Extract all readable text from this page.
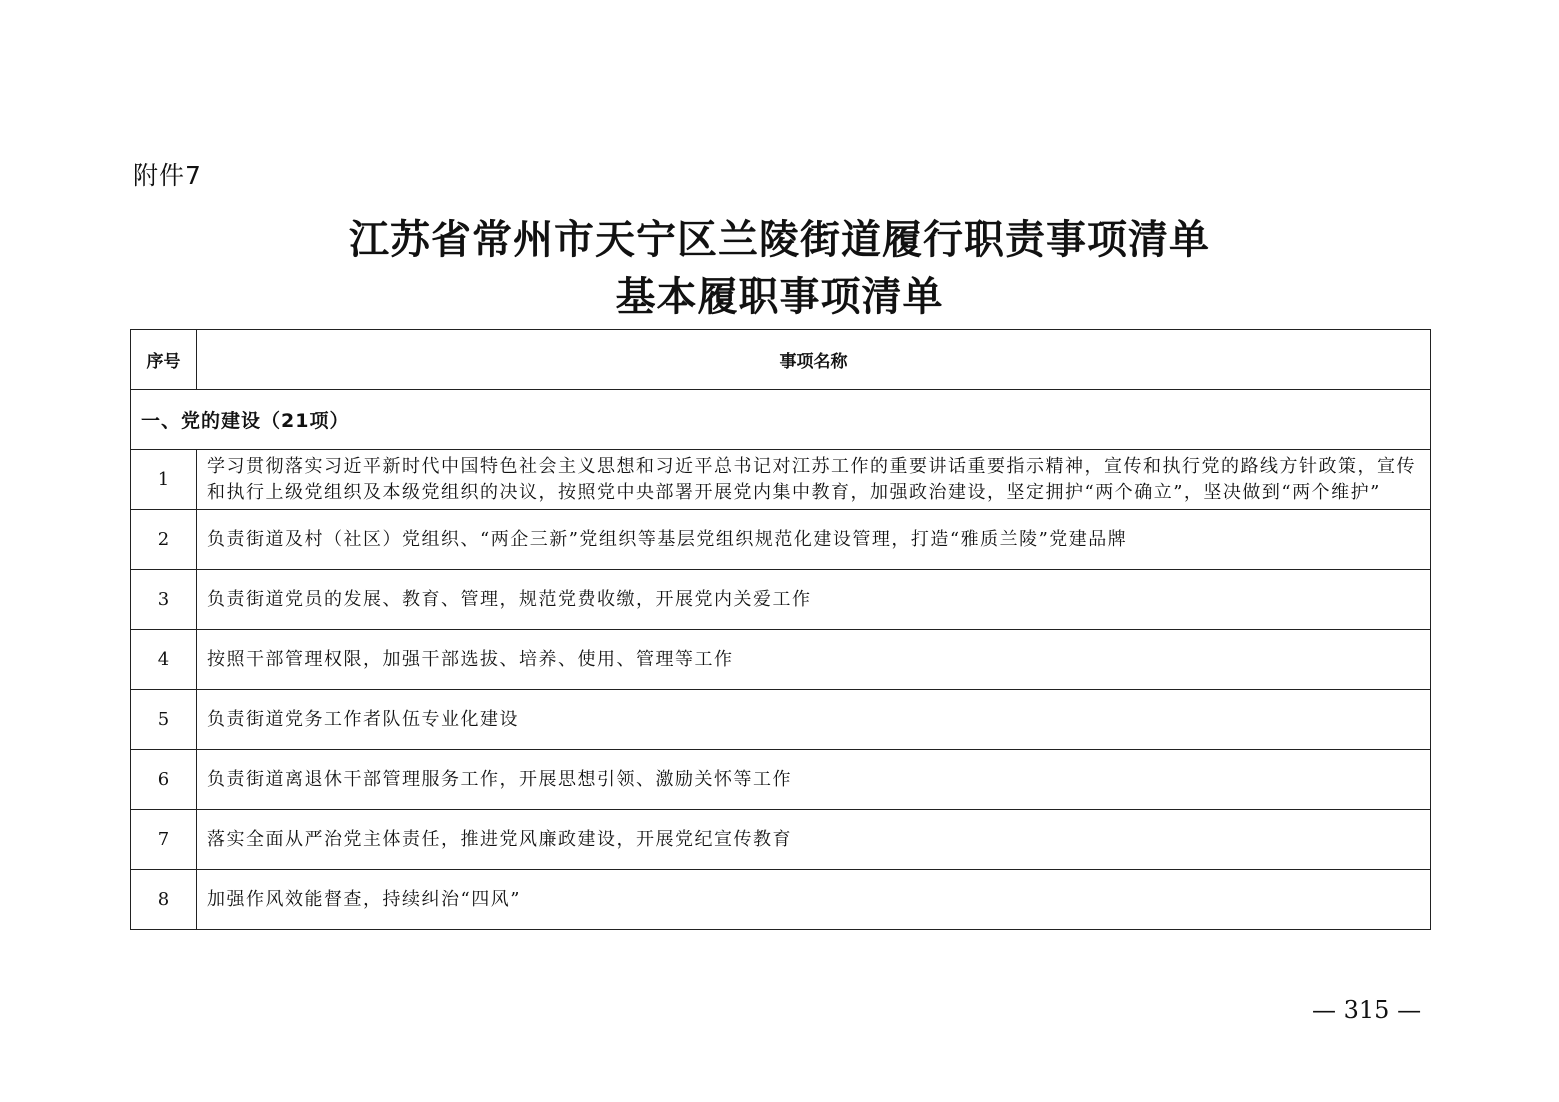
附件7
江苏省常州市天宁区兰陵街道履行职责事项清单
基本履职事项清单
序号	事项名称
一、党的建设（21项）	
1	学习贯彻落实习近平新时代中国特色社会主义思想和习近平总书记对江苏工作的重要讲话重要指示精神，宣传和执行党的路线方针政策，宣传和执行上级党组织及本级党组织的决议，按照党中央部署开展党内集中教育，加强政治建设，坚定拥护“两个确立”，坚决做到“两个维护”
2	负责街道及村（社区）党组织、“两企三新”党组织等基层党组织规范化建设管理，打造“雅质兰陵”党建品牌
3	负责街道党员的发展、教育、管理，规范党费收缴，开展党内关爱工作
4	按照干部管理权限，加强干部选拔、培养、使用、管理等工作
5	负责街道党务工作者队伍专业化建设
6	负责街道离退休干部管理服务工作，开展思想引领、激励关怀等工作
7	落实全面从严治党主体责任，推进党风廉政建设，开展党纪宣传教育
8	加强作风效能督查，持续纠治“四风”
— 315 —
